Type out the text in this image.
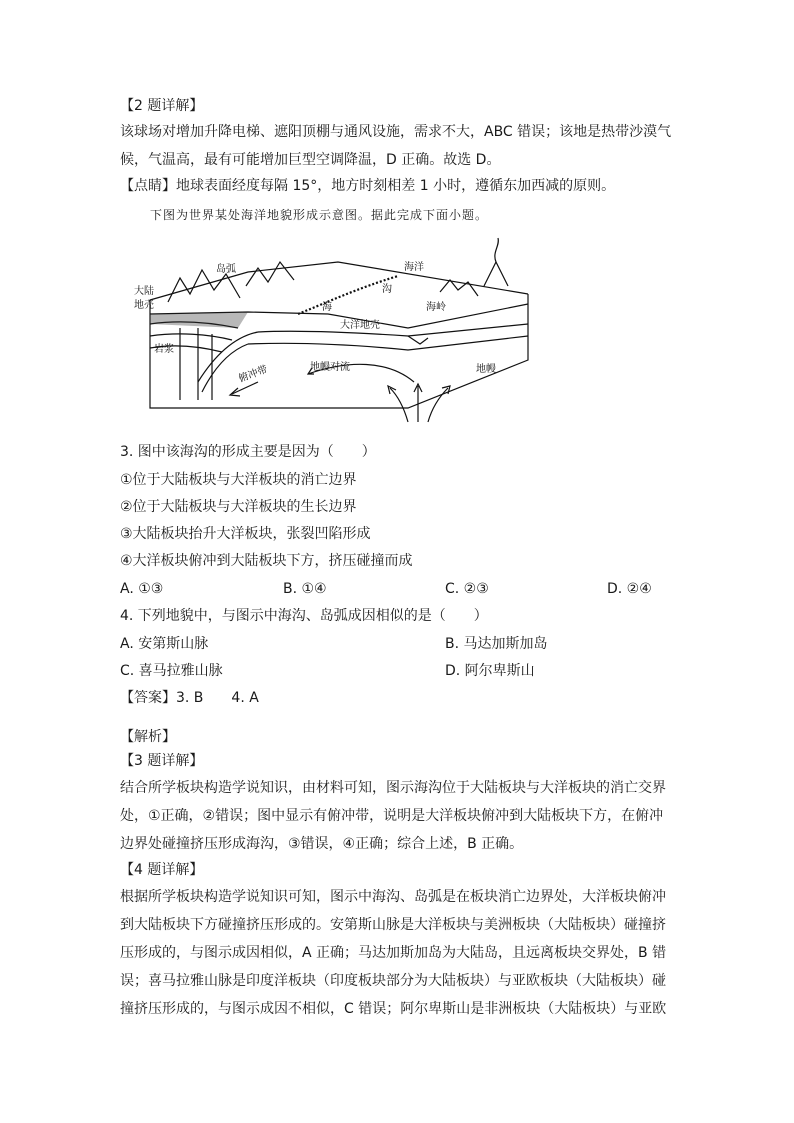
【2 题详解】
该球场对增加升降电梯、遮阳顶棚与通风设施，需求不大，ABC 错误；该地是热带沙漠气
候，气温高，最有可能增加巨型空调降温，D 正确。故选 D。
【点睛】地球表面经度每隔 15°，地方时刻相差 1 小时，遵循东加西减的原则。
下图为世界某处海洋地貌形成示意图。据此完成下面小题。
岛弧	海洋
大陆
地壳	海
沟
海岭
大洋地壳
岩浆
俯冲带	地幔对流	地幔
3. 图中该海沟的形成主要是因为（　　）
①位于大陆板块与大洋板块的消亡边界
②位于大陆板块与大洋板块的生长边界
③大陆板块抬升大洋板块，张裂凹陷形成
④大洋板块俯冲到大陆板块下方，挤压碰撞而成
A. ①③	B. ①④	C. ②③	D. ②④
4. 下列地貌中，与图示中海沟、岛弧成因相似的是（　　）
A. 安第斯山脉	B. 马达加斯加岛
C. 喜马拉雅山脉	D. 阿尔卑斯山
【答案】3. B　　4. A
【解析】
【3 题详解】
结合所学板块构造学说知识，由材料可知，图示海沟位于大陆板块与大洋板块的消亡交界
处，①正确，②错误；图中显示有俯冲带，说明是大洋板块俯冲到大陆板块下方，在俯冲
边界处碰撞挤压形成海沟，③错误，④正确；综合上述，B 正确。
【4 题详解】
根据所学板块构造学说知识可知，图示中海沟、岛弧是在板块消亡边界处，大洋板块俯冲
到大陆板块下方碰撞挤压形成的。安第斯山脉是大洋板块与美洲板块（大陆板块）碰撞挤
压形成的，与图示成因相似，A 正确；马达加斯加岛为大陆岛，且远离板块交界处，B 错
误；喜马拉雅山脉是印度洋板块（印度板块部分为大陆板块）与亚欧板块（大陆板块）碰
撞挤压形成的，与图示成因不相似，C 错误；阿尔卑斯山是非洲板块（大陆板块）与亚欧
